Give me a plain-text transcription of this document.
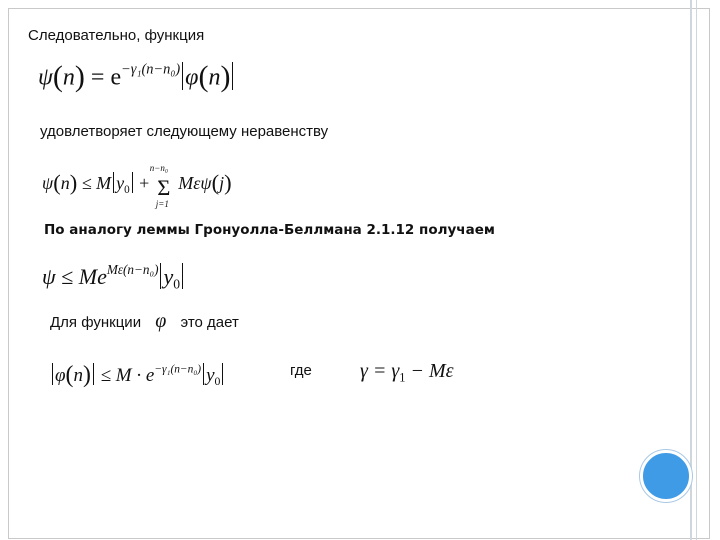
Следовательно, функция
$\psi(n) = e^{-\gamma_1(n-n_0)}$ φ(n)
удовлетворяет следующему неравенству
ψ(n) ≤ M $y_0$ +
n−n₀
Σ
j=1
Mεψ(j)
По аналогу леммы Гронуолла-Беллмана 2.1.12 получаем
$\psi \le Me^{M\varepsilon(n-n_0)}$ $y_0$
Для функции φ это дает
$\varphi(n) \le M \cdot e^{-\gamma_1(n-n_0)}$ $y_0$
где $\gamma = \gamma_1 - M\varepsilon$
